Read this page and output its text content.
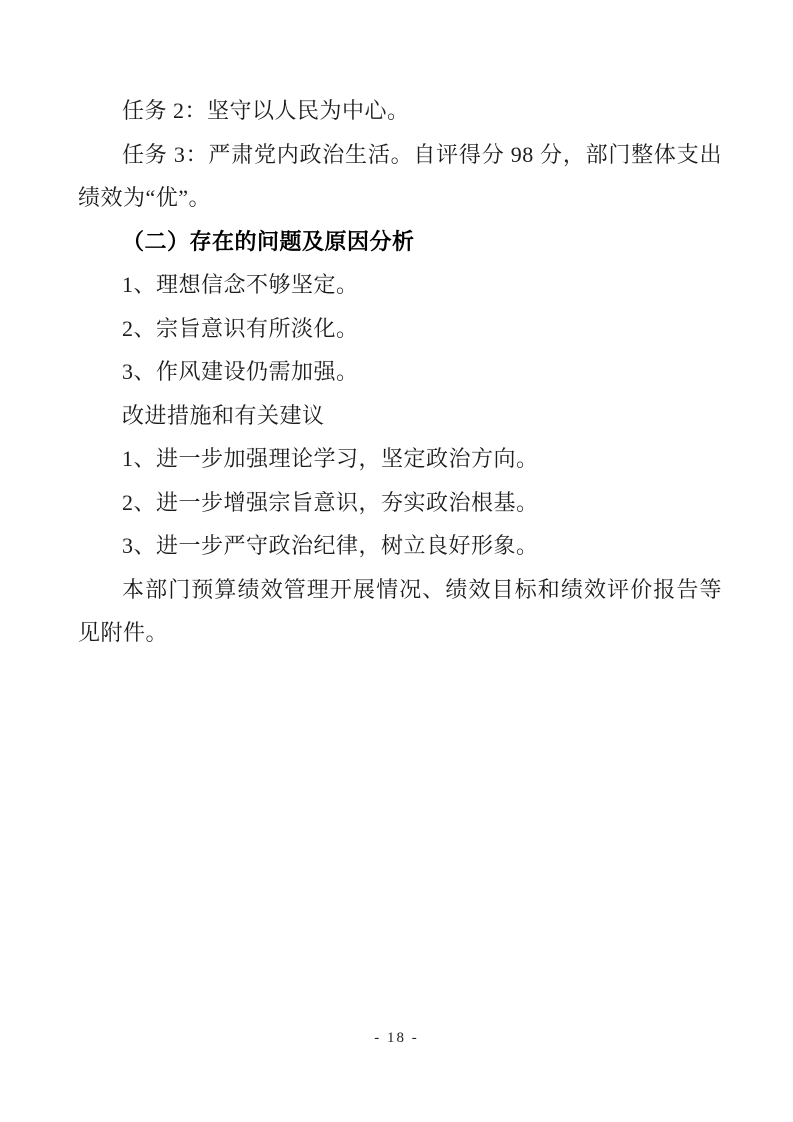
任务 2：坚守以人民为中心。

任务 3：严肃党内政治生活。自评得分 98 分，部门整体支出绩效为“优”。

（二）存在的问题及原因分析

1、理想信念不够坚定。

2、宗旨意识有所淡化。

3、作风建设仍需加强。

改进措施和有关建议

1、进一步加强理论学习，坚定政治方向。

2、进一步增强宗旨意识，夯实政治根基。

3、进一步严守政治纪律，树立良好形象。

本部门预算绩效管理开展情况、绩效目标和绩效评价报告等见附件。

- 18 -
